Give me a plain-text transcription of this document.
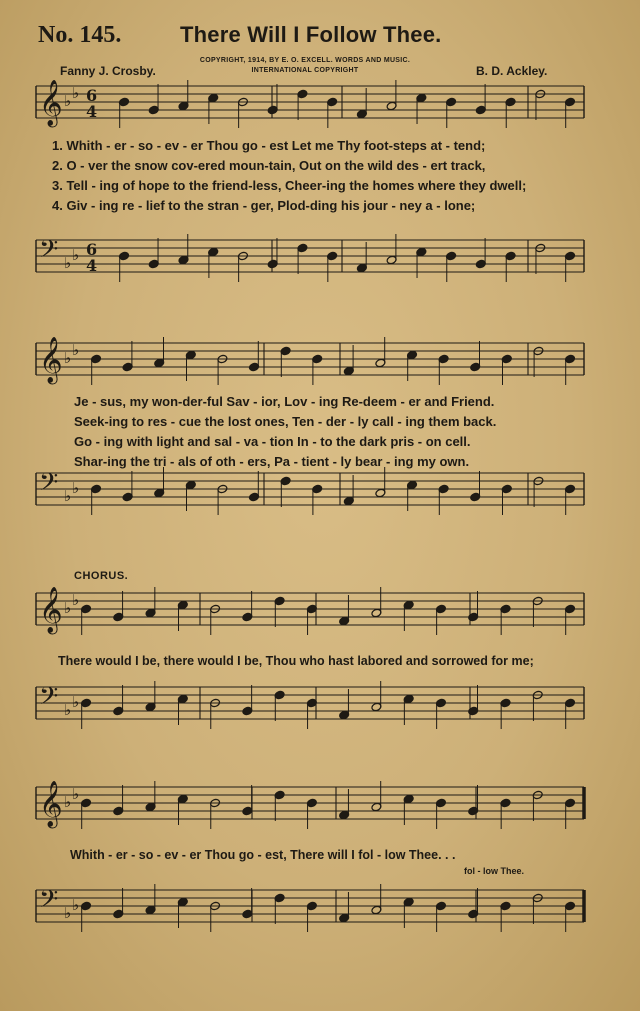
No. 145.	There Will I Follow Thee.
Fanny J. Crosby.
COPYRIGHT, 1914, BY E. O. EXCELL. WORDS AND MUSIC.
INTERNATIONAL COPYRIGHT	B. D. Ackley.
𝄞 ♭ ♭ 6
4
𝄢 ♭ ♭ 6
4
𝄞 ♭ ♭
𝄢 ♭ ♭
𝄞 ♭ ♭
𝄢 ♭ ♭
𝄞 ♭ ♭
𝄢 ♭ ♭
1. Whith - er - so - ev - er Thou go - est Let me Thy foot-steps at - tend;
2. O - ver the snow cov-ered moun-tain, Out on the wild des - ert track,
3. Tell - ing of hope to the friend-less, Cheer-ing the homes where they dwell;
4. Giv - ing re - lief to the stran - ger, Plod-ding his jour - ney a - lone;
Je - sus, my won-der-ful Sav - ior, Lov - ing Re-deem - er and Friend.
Seek-ing to res - cue the lost ones, Ten - der - ly call - ing them back.
Go - ing with light and sal - va - tion In - to the dark pris - on cell.
Shar-ing the tri - als of oth - ers, Pa - tient - ly bear - ing my own.
CHORUS.
There would I be, there would I be, Thou who hast labored and sorrowed for me;
Whith - er - so - ev - er Thou go - est, There will I fol - low Thee. . .
fol - low Thee.
